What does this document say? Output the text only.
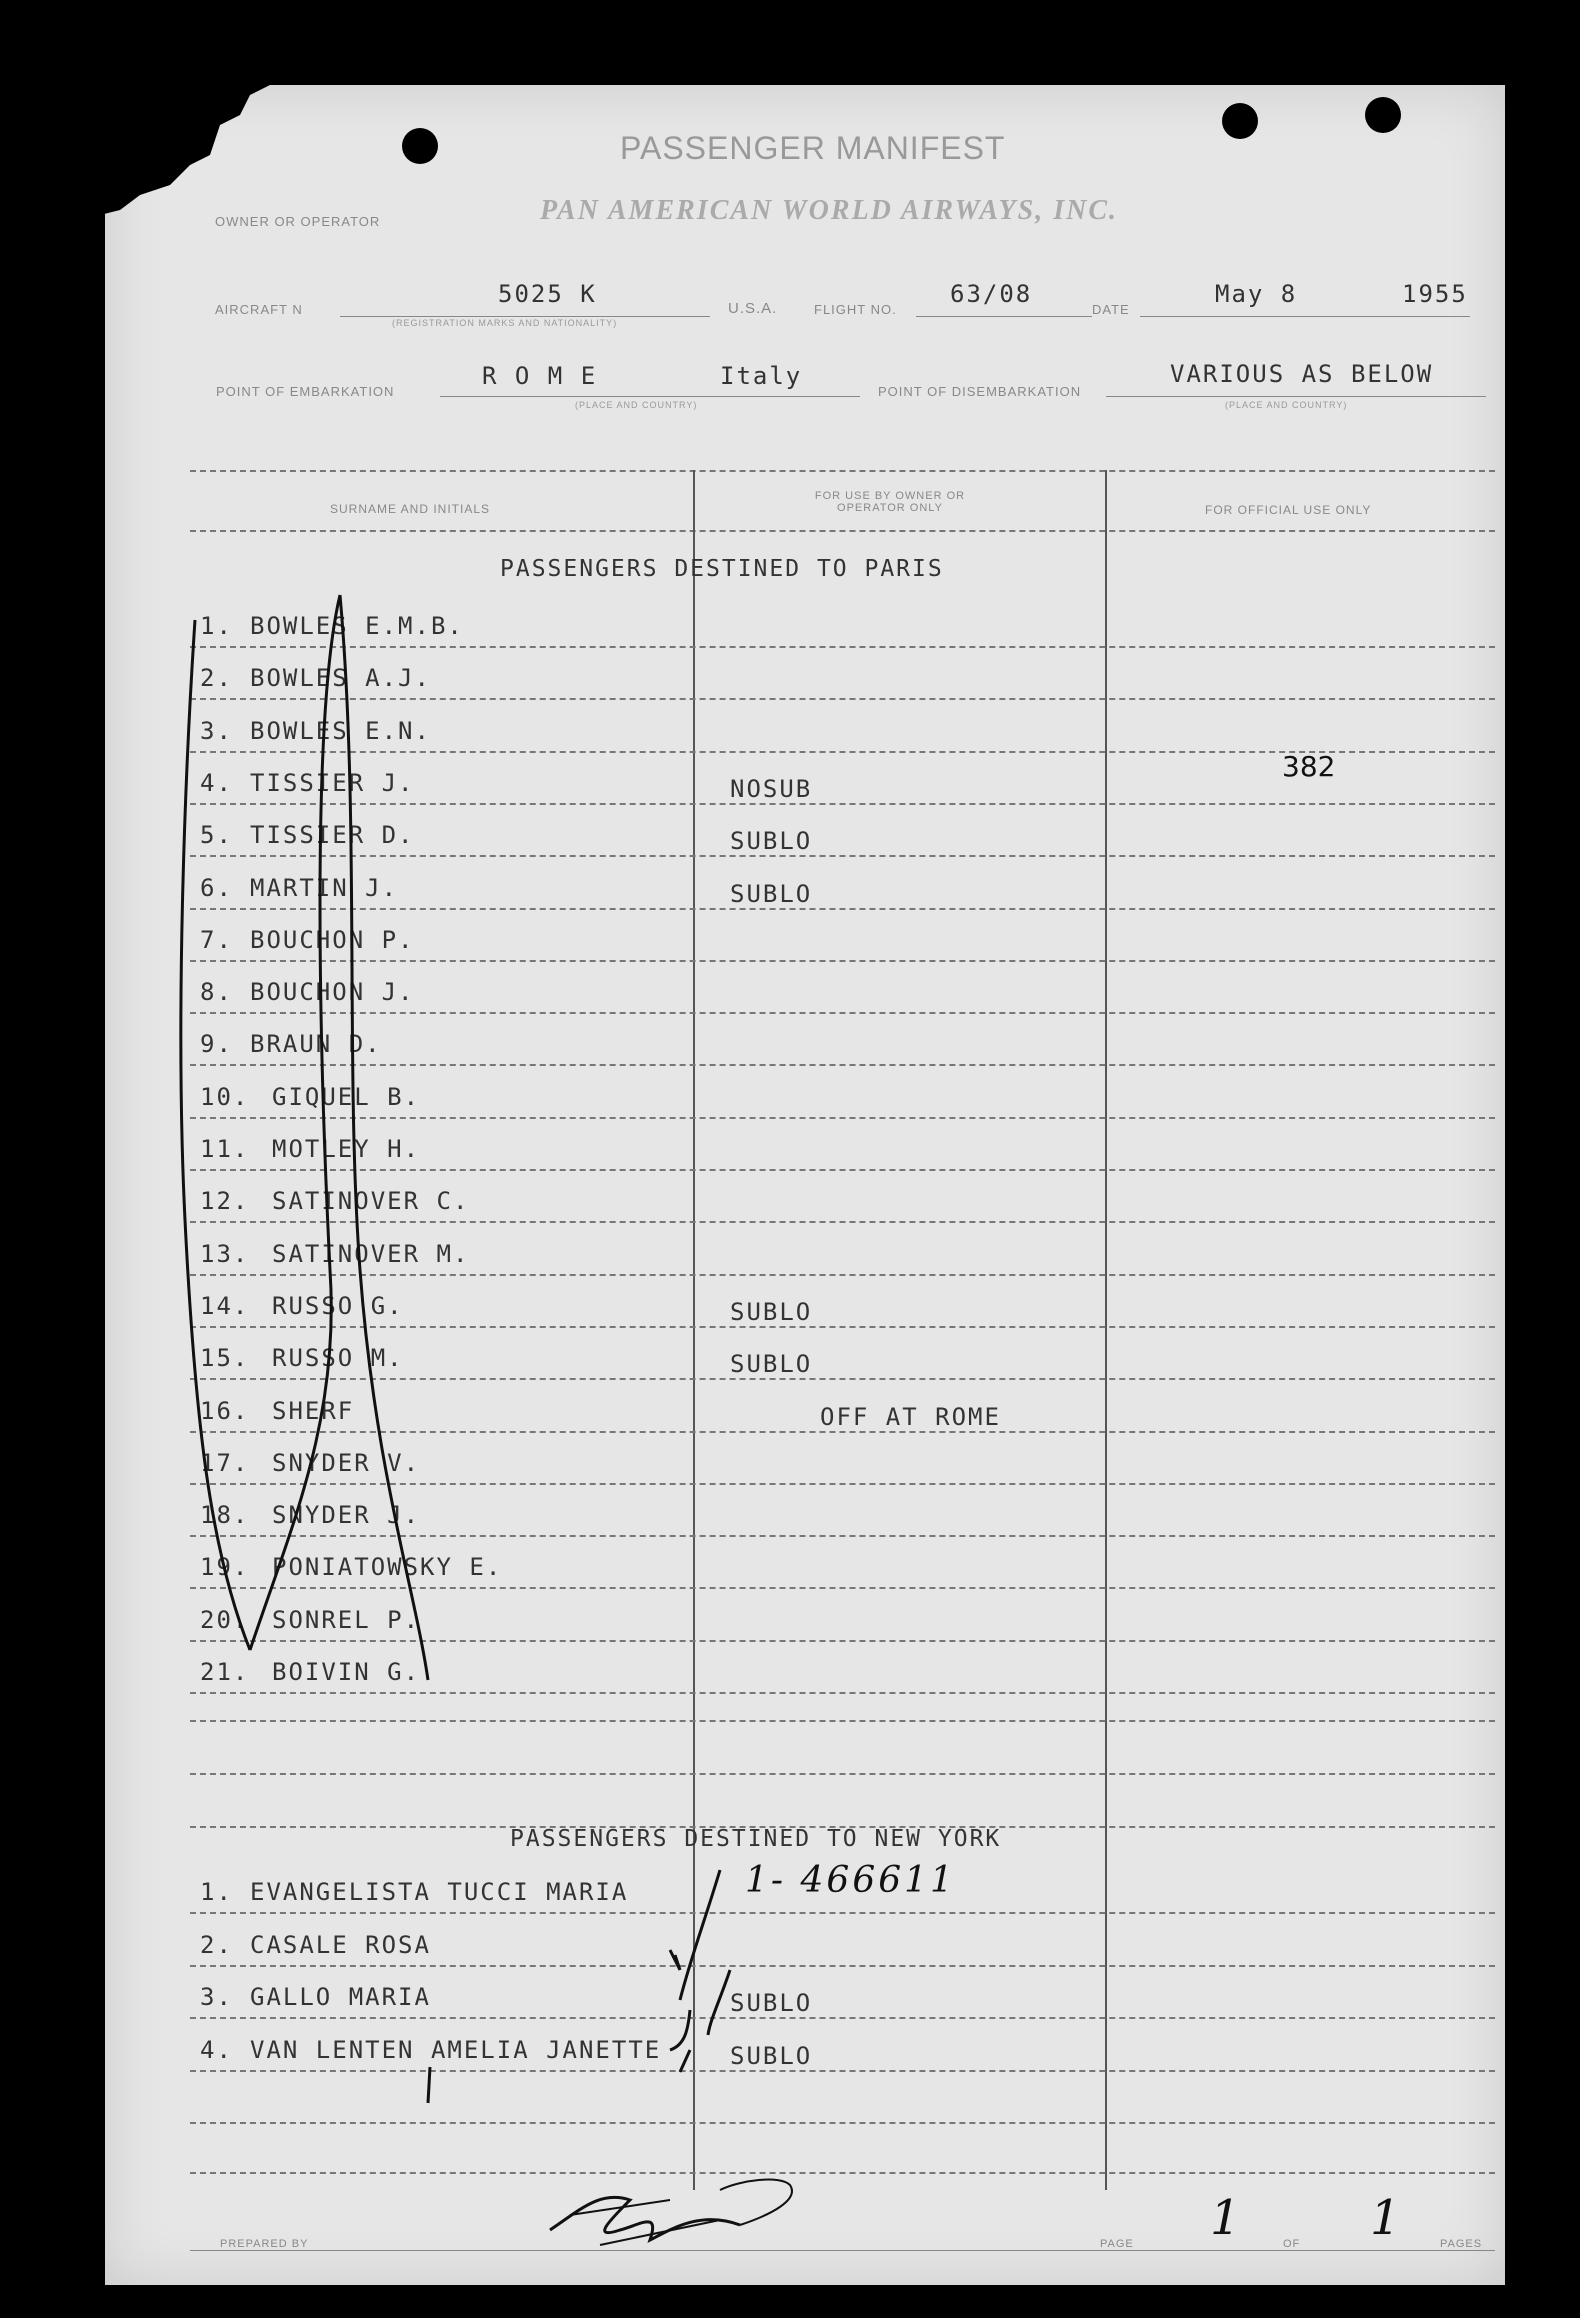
PASSENGER MANIFEST
PAN AMERICAN WORLD AIRWAYS, INC.
OWNER OR OPERATOR
AIRCRAFT N
5025 K
(REGISTRATION MARKS AND NATIONALITY)
U.S.A.	FLIGHT NO.
63/08
DATE
May 8	1955
POINT OF EMBARKATION
R O M E	Italy
(PLACE AND COUNTRY)
POINT OF DISEMBARKATION
VARIOUS AS BELOW
(PLACE AND COUNTRY)
SURNAME AND INITIALS
FOR USE BY OWNER OR OPERATOR ONLY	FOR OFFICIAL USE ONLY
PASSENGERS DESTINED TO PARIS
1. BOWLES E.M.B.
2. BOWLES A.J.
3. BOWLES E.N.
4. TISSIER J.	NOSUB
5. TISSIER D.	SUBLO
6. MARTIN J.	SUBLO
7. BOUCHON P.
8. BOUCHON J.
9. BRAUN D.
10. GIQUEL B.
11. MOTLEY H.
12. SATINOVER C.
13. SATINOVER M.
14. RUSSO G.	SUBLO
15. RUSSO M.	SUBLO
16. SHERF	OFF AT ROME
17. SNYDER V.
18. SNYDER J.
19. PONIATOWSKY E.
20. SONREL P.
21. BOIVIN G.
382
PASSENGERS DESTINED TO NEW YORK
1. EVANGELISTA TUCCI MARIA
2. CASALE ROSA
3. GALLO MARIA	SUBLO
4. VAN LENTEN AMELIA JANETTE	SUBLO
1- 466611
PREPARED BY	PAGE 1	OF 1	PAGES
